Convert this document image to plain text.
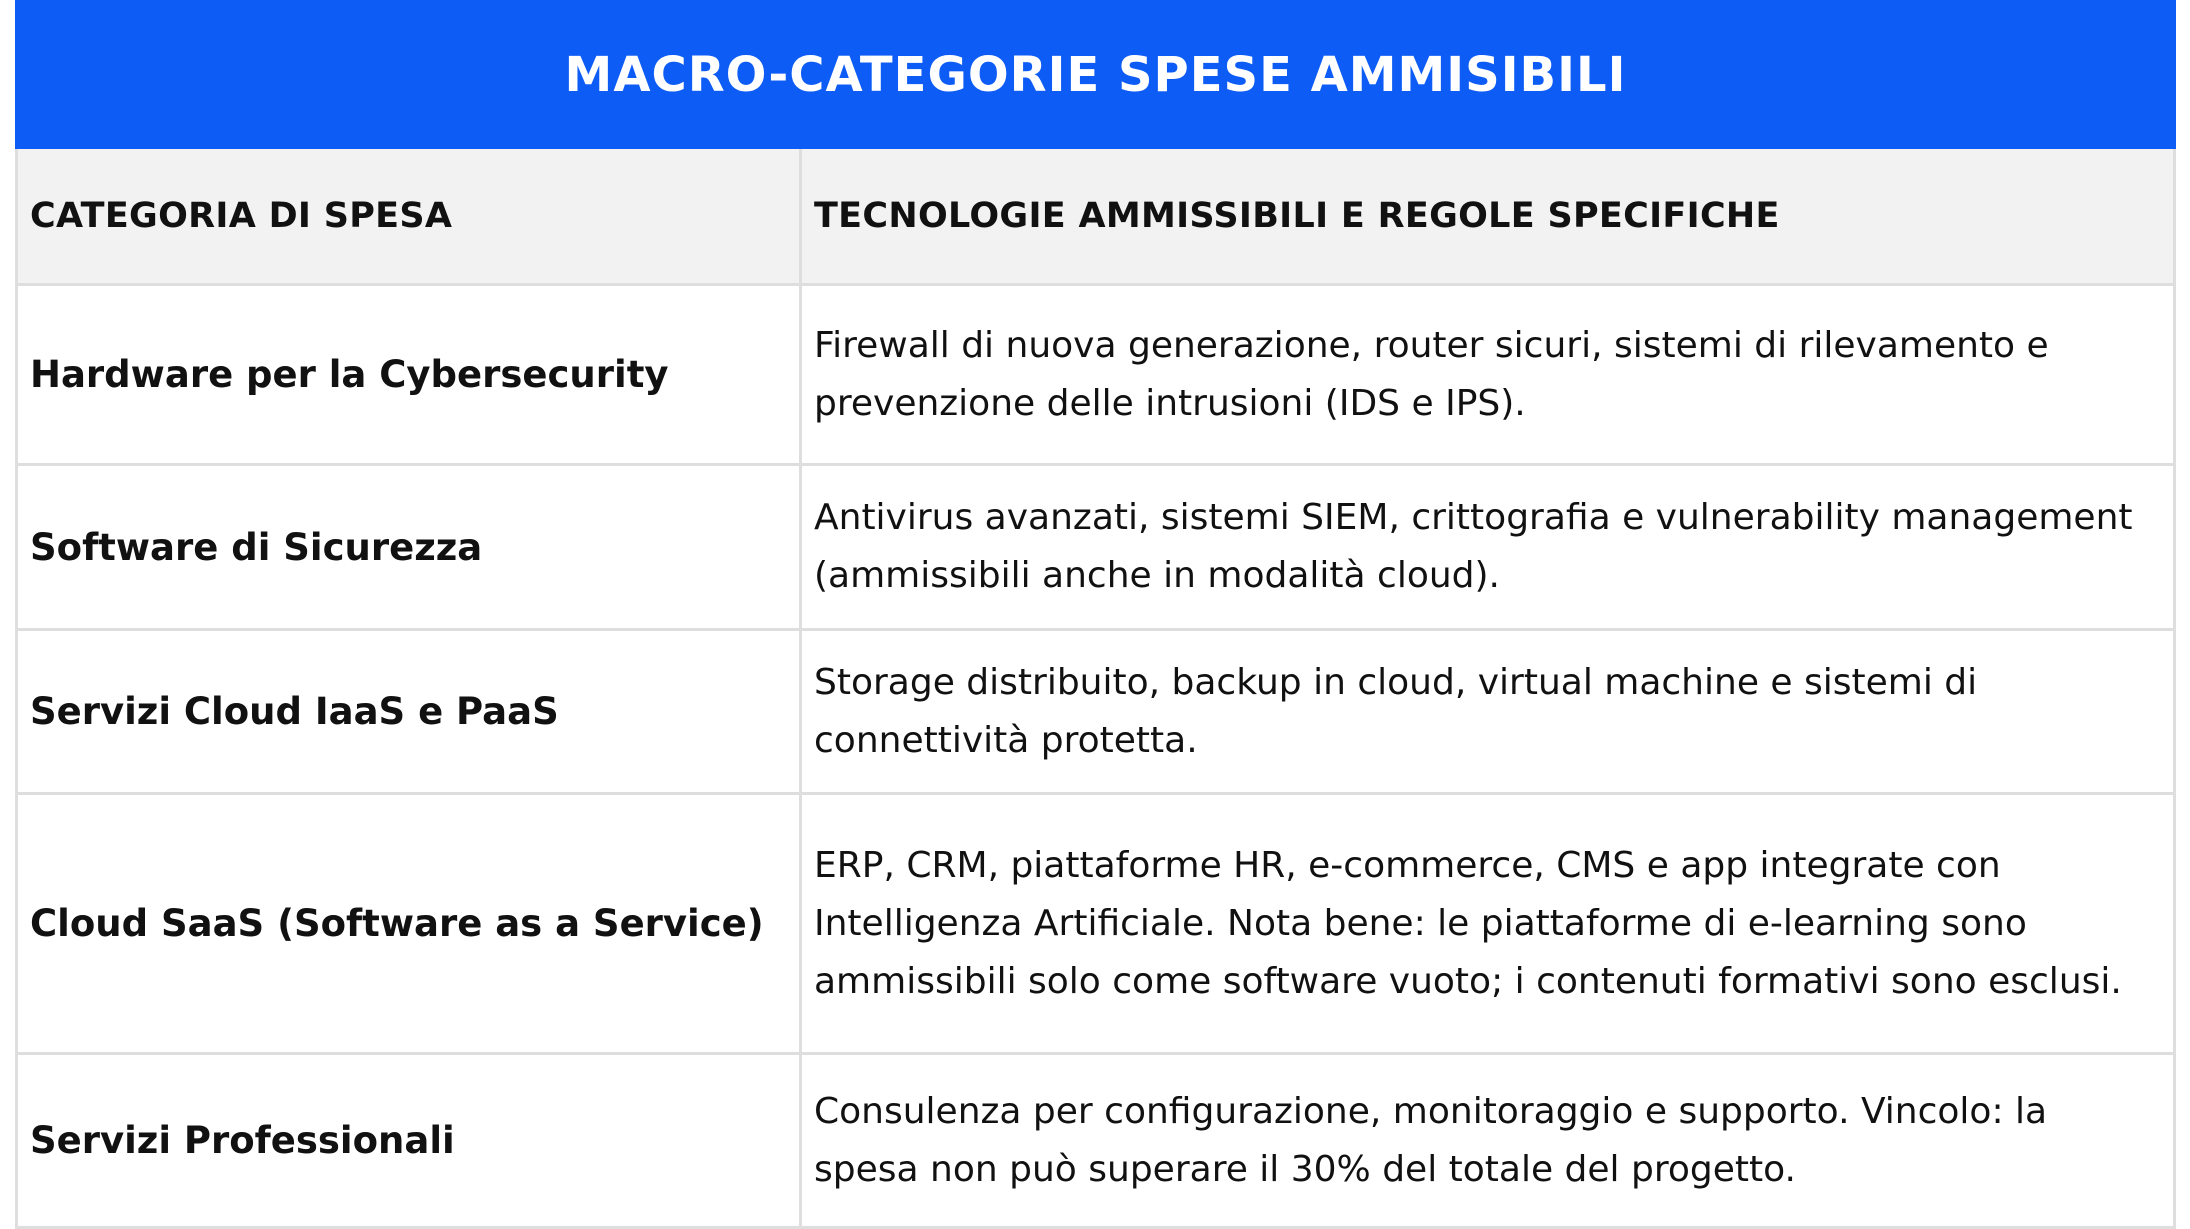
MACRO-CATEGORIE SPESE AMMISIBILI
CATEGORIA DI SPESA	TECNOLOGIE AMMISSIBILI E REGOLE SPECIFICHE
Hardware per la Cybersecurity
Firewall di nuova generazione, router sicuri, sistemi di rilevamento e prevenzione delle intrusioni (IDS e IPS).
Software di Sicurezza
Antivirus avanzati, sistemi SIEM, crittografia e vulnerability management (ammissibili anche in modalità cloud).
Servizi Cloud IaaS e PaaS
Storage distribuito, backup in cloud, virtual machine e sistemi di connettività protetta.
Cloud SaaS (Software as a Service)
ERP, CRM, piattaforme HR, e-commerce, CMS e app integrate con Intelligenza Artificiale. Nota bene: le piattaforme di e-learning sono ammissibili solo come software vuoto; i contenuti formativi sono esclusi.
Servizi Professionali
Consulenza per configurazione, monitoraggio e supporto. Vincolo: la spesa non può superare il 30% del totale del progetto.
